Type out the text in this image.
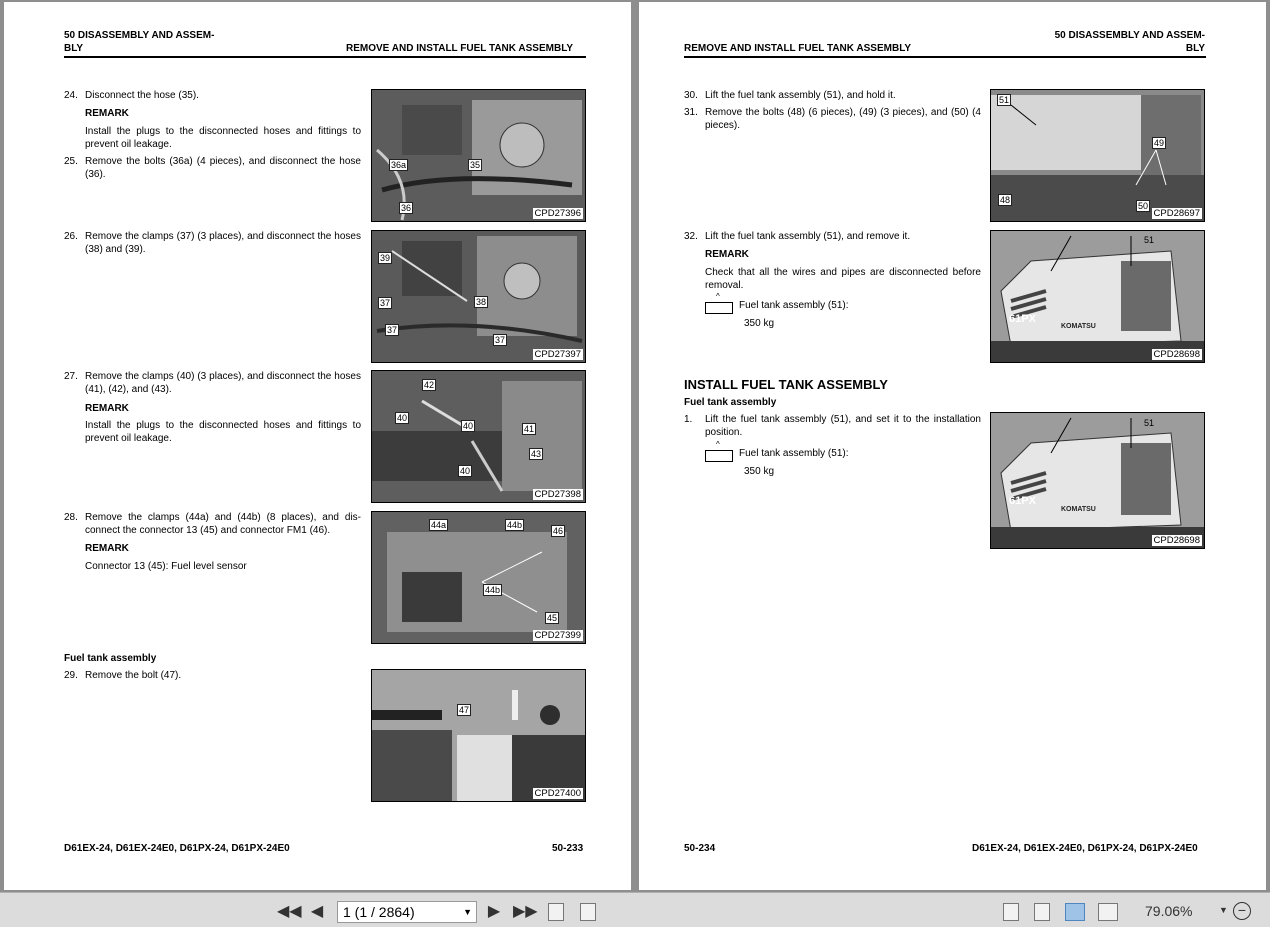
50 DISASSEMBLY AND ASSEM-
BLY	REMOVE AND INSTALL FUEL TANK ASSEMBLY
24. Disconnect the hose (35).
REMARK
Install the plugs to the disconnected hoses and fittings to prevent oil leakage.
25. Remove the bolts (36a) (4 pieces), and disconnect the hose (36).
36a	35
36	CPD27396
26. Remove the clamps (37) (3 places), and disconnect the hoses (38) and (39).
39
37	38
37
37
CPD27397
27. Remove the clamps (40) (3 places), and disconnect the hoses (41), (42), and (43).
REMARK
Install the plugs to the disconnected hoses and fittings to prevent oil leakage.
42
40
40	41
43
40
CPD27398
28. Remove the clamps (44a) and (44b) (8 places), and dis-connect the connector 13 (45) and connector FM1 (46).
REMARK
Connector 13 (45): Fuel level sensor
44a	44b
46
44b
45
CPD27399
Fuel tank assembly
29. Remove the bolt (47).
47
CPD27400
D61EX-24, D61EX-24E0, D61PX-24, D61PX-24E0	50-233
REMOVE AND INSTALL FUEL TANK ASSEMBLY
50 DISASSEMBLY AND ASSEM-
BLY
30. Lift the fuel tank assembly (51), and hold it.
31. Remove the bolts (48) (6 pieces), (49) (3 pieces), and (50) (4 pieces).
51
49
48
50
CPD28697
32. Lift the fuel tank assembly (51), and remove it.
REMARK
Check that all the wires and pipes are disconnected before removal.
^
Fuel tank assembly (51):
350 kg	61PX
KOMATSU
51
CPD28698
INSTALL FUEL TANK ASSEMBLY
Fuel tank assembly
1.	Lift the fuel tank assembly (51), and set it to the installation position.
^
Fuel tank assembly (51):
350 kg
61PX
KOMATSU
51
CPD28698
50-234	D61EX-24, D61EX-24E0, D61PX-24, D61PX-24E0
◀◀ ◀	1 (1 / 2864)	▼ ▶ ▶▶	79.06%	▼ −
